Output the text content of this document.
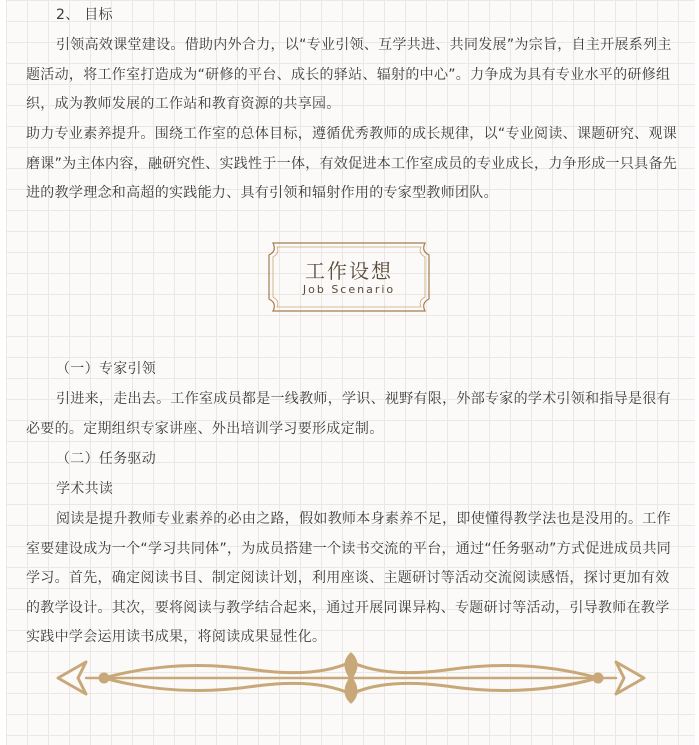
2、 目标

引领高效课堂建设。借助内外合力，以“专业引领、互学共进、共同发展”为宗旨，自主开展系列主题活动，将工作室打造成为“研修的平台、成长的驿站、辐射的中心”。力争成为具有专业水平的研修组织，成为教师发展的工作站和教育资源的共享园。

助力专业素养提升。围绕工作室的总体目标，遵循优秀教师的成长规律，以“专业阅读、课题研究、观课磨课”为主体内容，融研究性、实践性于一体，有效促进本工作室成员的专业成长，力争形成一只具备先进的教学理念和高超的实践能力、具有引领和辐射作用的专家型教师团队。

工作设想
Job Scenario

（一）专家引领

引进来，走出去。工作室成员都是一线教师，学识、视野有限，外部专家的学术引领和指导是很有必要的。定期组织专家讲座、外出培训学习要形成定制。

（二）任务驱动

学术共读

阅读是提升教师专业素养的必由之路，假如教师本身素养不足，即使懂得教学法也是没用的。工作室要建设成为一个“学习共同体”，为成员搭建一个读书交流的平台，通过“任务驱动”方式促进成员共同学习。首先，确定阅读书目、制定阅读计划，利用座谈、主题研讨等活动交流阅读感悟，探讨更加有效的教学设计。其次，要将阅读与教学结合起来，通过开展同课异构、专题研讨等活动，引导教师在教学实践中学会运用读书成果，将阅读成果显性化。
